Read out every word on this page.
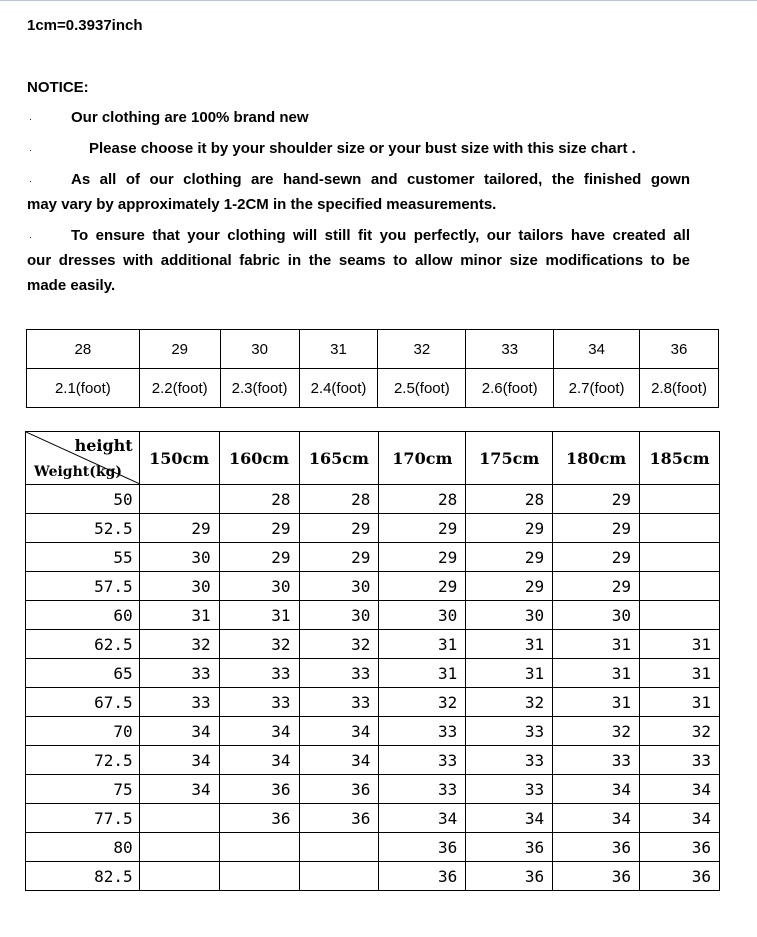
1cm=0.3937inch
NOTICE:
·	Our clothing are 100% brand new
·	Please choose it by your shoulder size or your bust size with this size chart .
·	As all of our clothing are hand-sewn and customer tailored, the finished gown
may vary by approximately 1-2CM in the specified measurements.
·	To ensure that your clothing will still fit you perfectly, our tailors have created all
our dresses with additional fabric in the seams to allow minor size modifications to be
made easily.
28	29	30	31	32	33	34	36
2.1(foot)	2.2(foot)	2.3(foot)	2.4(foot)	2.5(foot)	2.6(foot)	2.7(foot)	2.8(foot)
height
Weight(kg)	150cm	160cm	165cm	170cm	175cm	180cm	185cm
50		28	28	28	28	29	
52.5	29	29	29	29	29	29	
55	30	29	29	29	29	29	
57.5	30	30	30	29	29	29	
60	31	31	30	30	30	30	
62.5	32	32	32	31	31	31	31
65	33	33	33	31	31	31	31
67.5	33	33	33	32	32	31	31
70	34	34	34	33	33	32	32
72.5	34	34	34	33	33	33	33
75	34	36	36	33	33	34	34
77.5		36	36	34	34	34	34
80				36	36	36	36
82.5				36	36	36	36
